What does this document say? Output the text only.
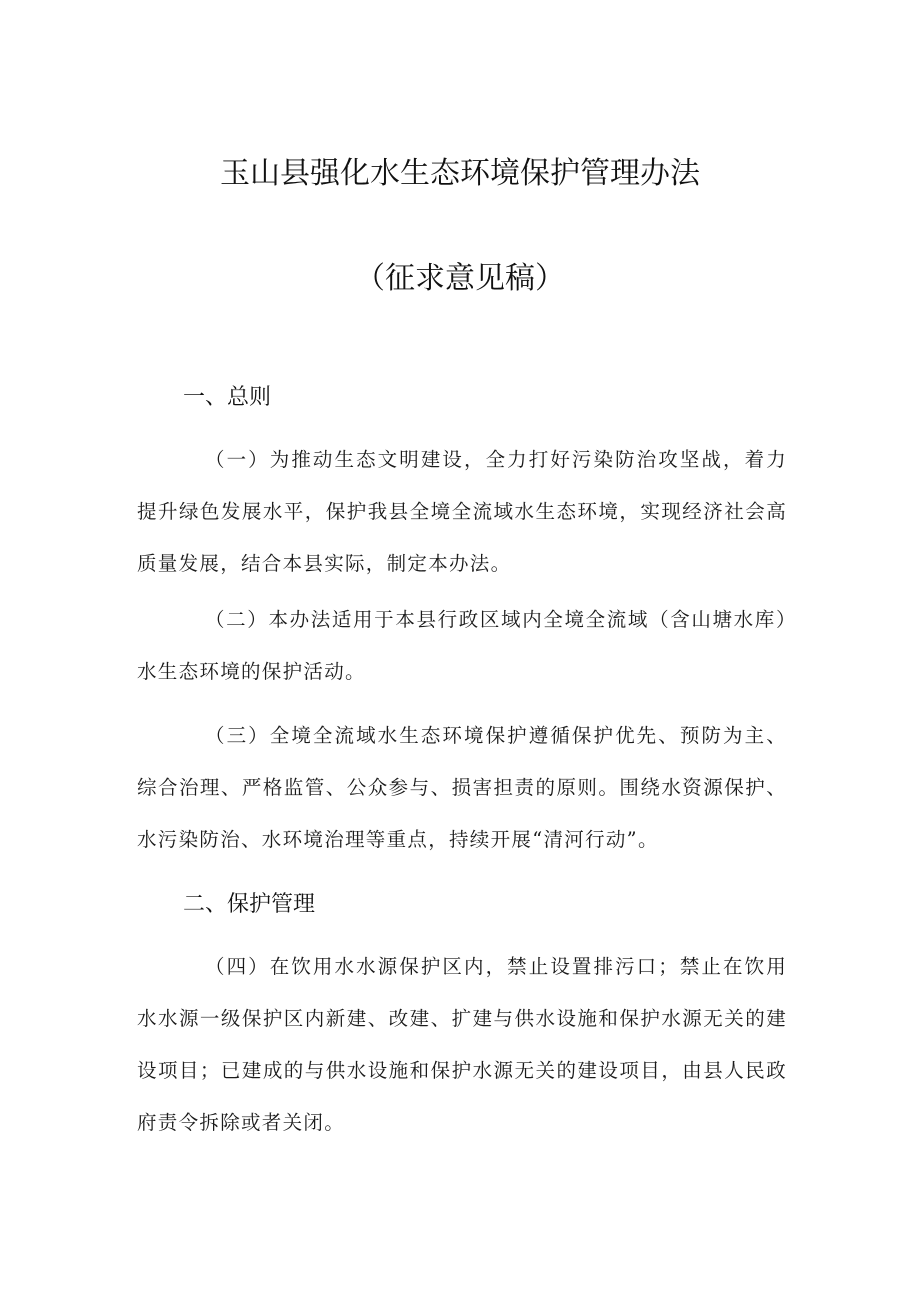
玉山县强化水生态环境保护管理办法
（征求意见稿）
一、总则

（一）为推动生态文明建设，全力打好污染防治攻坚战，着力提升绿色发展水平，保护我县全境全流域水生态环境，实现经济社会高质量发展，结合本县实际，制定本办法。

（二）本办法适用于本县行政区域内全境全流域（含山塘水库）水生态环境的保护活动。

（三）全境全流域水生态环境保护遵循保护优先、预防为主、综合治理、严格监管、公众参与、损害担责的原则。围绕水资源保护、水污染防治、水环境治理等重点，持续开展“清河行动”。

二、保护管理

（四）在饮用水水源保护区内，禁止设置排污口；禁止在饮用水水源一级保护区内新建、改建、扩建与供水设施和保护水源无关的建设项目；已建成的与供水设施和保护水源无关的建设项目，由县人民政府责令拆除或者关闭。
